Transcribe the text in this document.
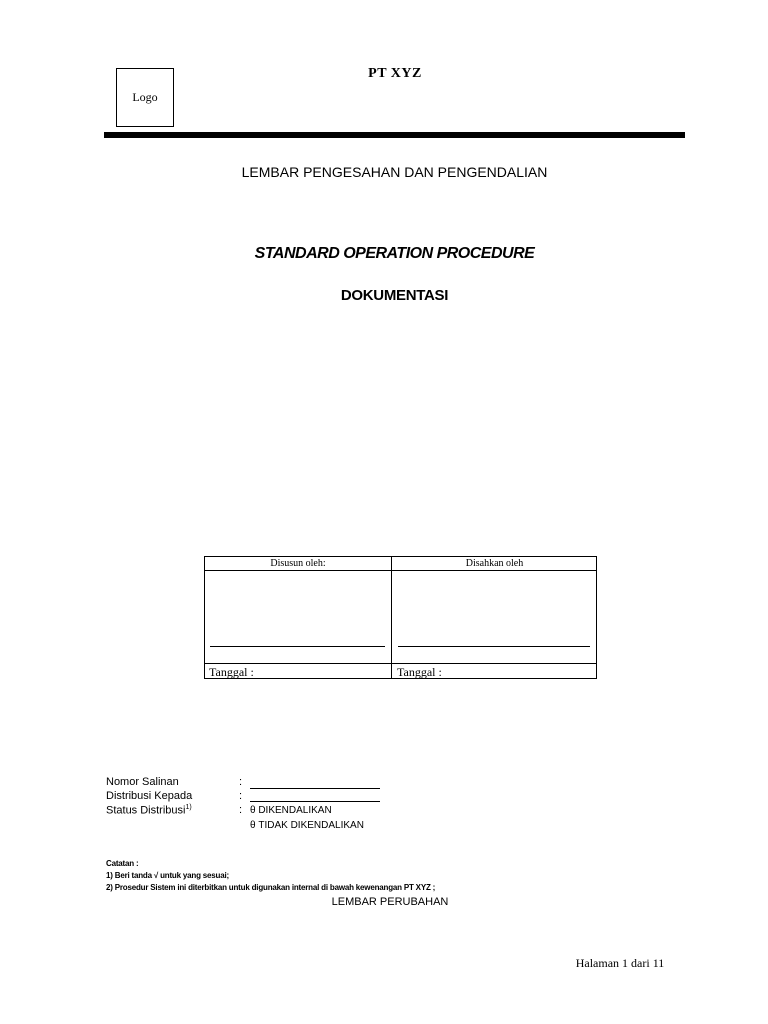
Logo
PT XYZ
LEMBAR PENGESAHAN DAN PENGENDALIAN
STANDARD OPERATION PROCEDURE
DOKUMENTASI
Disusun oleh:	Disahkan oleh
Tanggal :	Tanggal :
Nomor Salinan	:
Distribusi Kepada	:
Status Distribusi$^{1)}$	: θ DIKENDALIKAN
θ TIDAK DIKENDALIKAN
Catatan :
1) Beri tanda √ untuk yang sesuai;
2) Prosedur Sistem ini diterbitkan untuk digunakan internal di bawah kewenangan PT XYZ ;
LEMBAR PERUBAHAN
Halaman 1 dari 11
